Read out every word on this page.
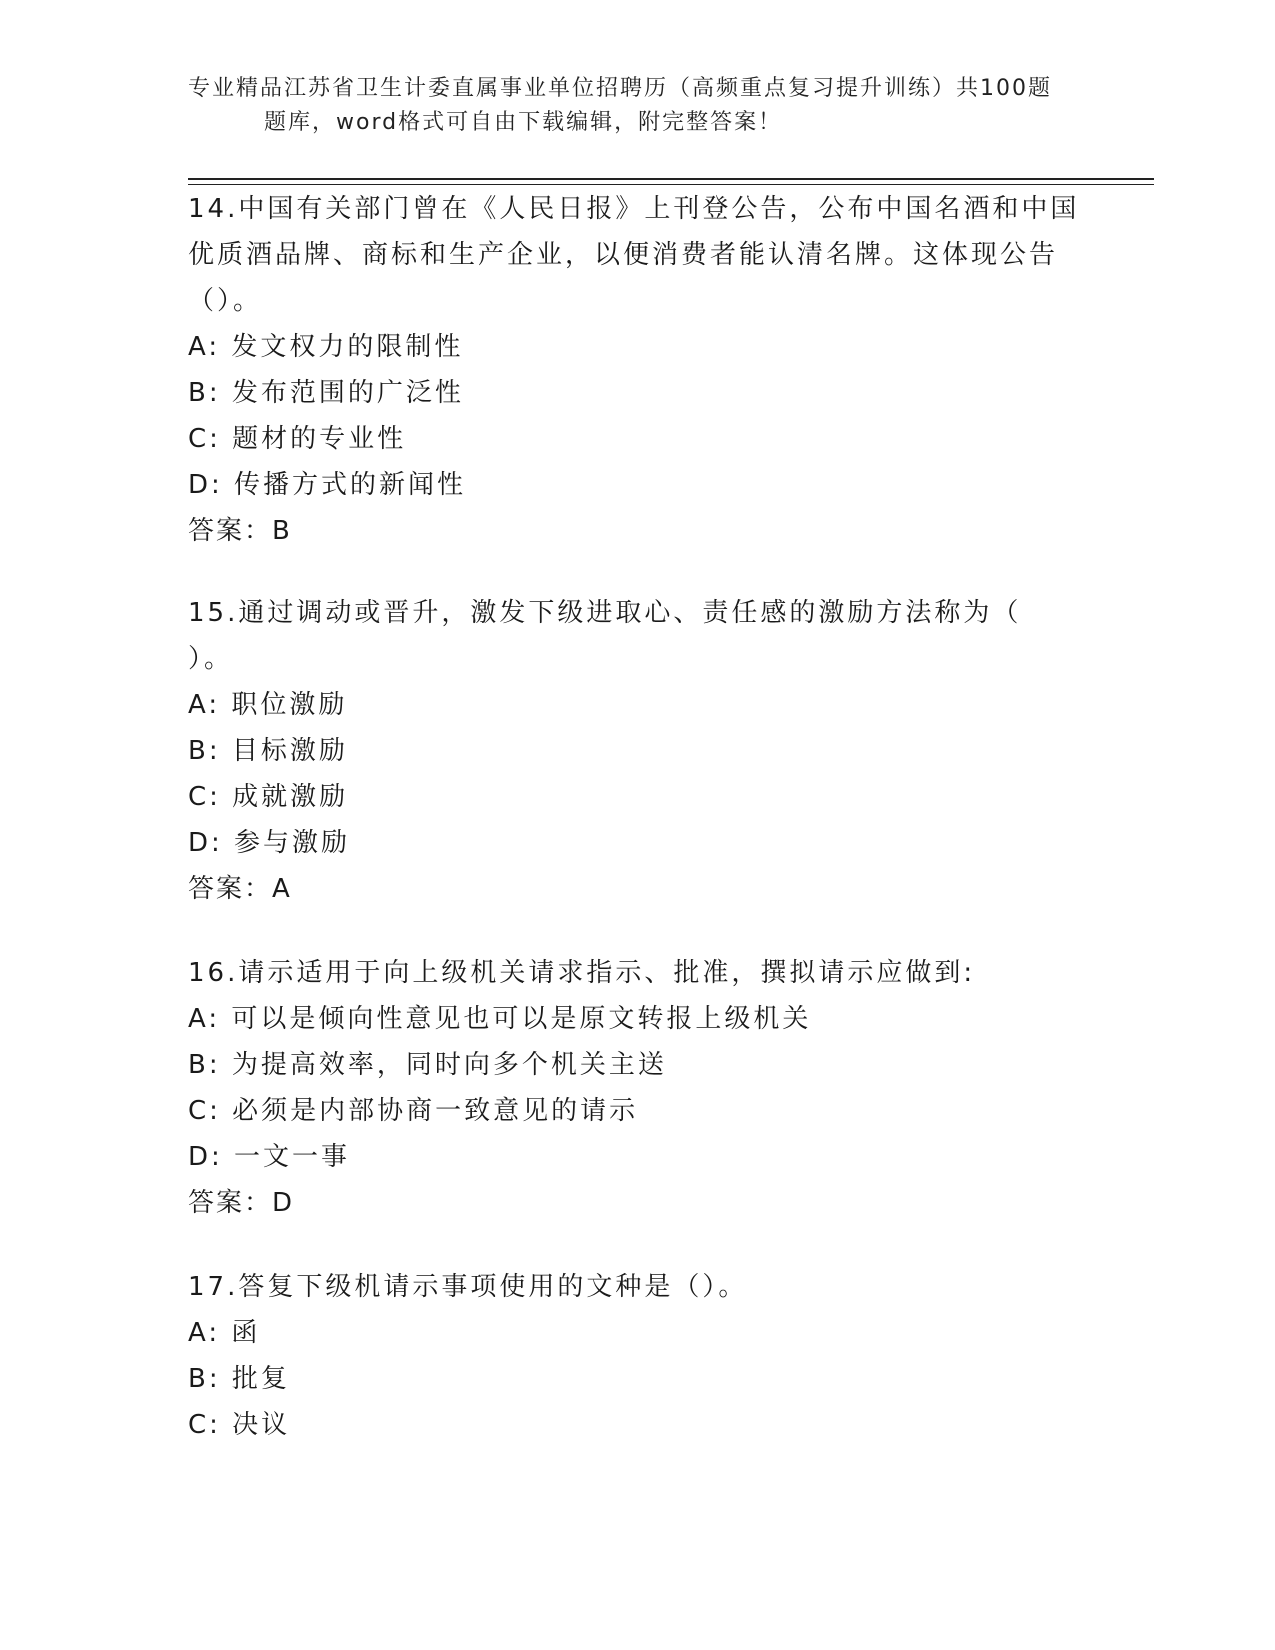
专业精品江苏省卫生计委直属事业单位招聘历（高频重点复习提升训练）共100题
题库，word格式可自由下载编辑，附完整答案！

14.中国有关部门曾在《人民日报》上刊登公告，公布中国名酒和中国

优质酒品牌、商标和生产企业，以便消费者能认清名牌。这体现公告

（）。

A: 发文权力的限制性

B: 发布范围的广泛性

C: 题材的专业性

D: 传播方式的新闻性

答案：B

15.通过调动或晋升，激发下级进取心、责任感的激励方法称为（

）。

A: 职位激励

B: 目标激励

C: 成就激励

D: 参与激励

答案：A

16.请示适用于向上级机关请求指示、批准，撰拟请示应做到:

A: 可以是倾向性意见也可以是原文转报上级机关

B: 为提高效率，同时向多个机关主送

C: 必须是内部协商一致意见的请示

D: 一文一事

答案：D

17.答复下级机请示事项使用的文种是（）。

A: 函

B: 批复

C: 决议
